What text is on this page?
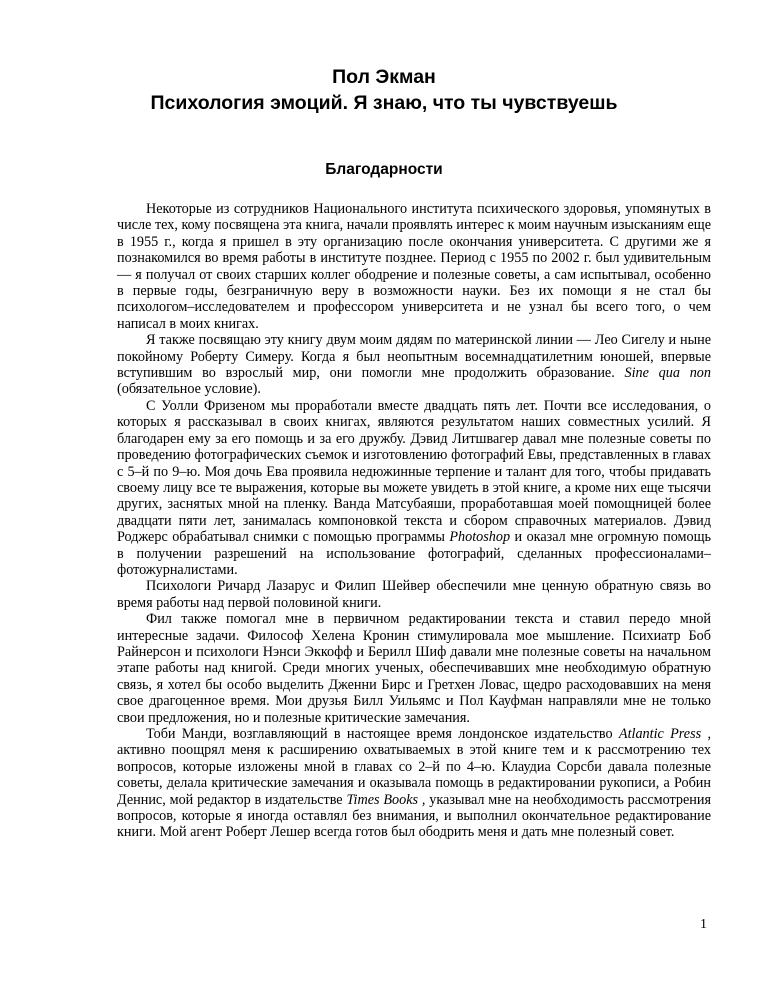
Пол Экман
Психология эмоций. Я знаю, что ты чувствуешь
Благодарности

Некоторые из сотрудников Национального института психического здоровья, упомянутых в числе тех, кому посвящена эта книга, начали проявлять интерес к моим научным изысканиям еще в 1955 г., когда я пришел в эту организацию после окончания университета. С другими же я познакомился во время работы в институте позднее. Период с 1955 по 2002 г. был удивительным — я получал от своих старших коллег ободрение и полезные советы, а сам испытывал, особенно в первые годы, безграничную веру в возможности науки. Без их помощи я не стал бы психологом–исследователем и профессором университета и не узнал бы всего того, о чем написал в моих книгах.

Я также посвящаю эту книгу двум моим дядям по материнской линии — Лео Сигелу и ныне покойному Роберту Симеру. Когда я был неопытным восемнадцатилетним юношей, впервые вступившим во взрослый мир, они помогли мне продолжить образование. Sine qua non (обязательное условие).

С Уолли Фризеном мы проработали вместе двадцать пять лет. Почти все исследования, о которых я рассказывал в своих книгах, являются результатом наших совместных усилий. Я благодарен ему за его помощь и за его дружбу. Дэвид Литшвагер давал мне полезные советы по проведению фотографических съемок и изготовлению фотографий Евы, представленных в главах с 5–й по 9–ю. Моя дочь Ева проявила недюжинные терпение и талант для того, чтобы придавать своему лицу все те выражения, которые вы можете увидеть в этой книге, а кроме них еще тысячи других, заснятых мной на пленку. Ванда Матсубаяши, проработавшая моей помощницей более двадцати пяти лет, занималась компоновкой текста и сбором справочных материалов. Дэвид Роджерс обрабатывал снимки с помощью программы Photoshop и оказал мне огромную помощь в получении разрешений на использование фотографий, сделанных профессионалами–фотожурналистами.

Психологи Ричард Лазарус и Филип Шейвер обеспечили мне ценную обратную связь во время работы над первой половиной книги.

Фил также помогал мне в первичном редактировании текста и ставил передо мной интересные задачи. Философ Хелена Кронин стимулировала мое мышление. Психиатр Боб Райнерсон и психологи Нэнси Эккофф и Берилл Шиф давали мне полезные советы на начальном этапе работы над книгой. Среди многих ученых, обеспечивавших мне необходимую обратную связь, я хотел бы особо выделить Дженни Бирс и Гретхен Ловас, щедро расходовавших на меня свое драгоценное время. Мои друзья Билл Уильямс и Пол Кауфман направляли мне не только свои предложения, но и полезные критические замечания.

Тоби Манди, возглавляющий в настоящее время лондонское издательство Atlantic Press , активно поощрял меня к расширению охватываемых в этой книге тем и к рассмотрению тех вопросов, которые изложены мной в главах со 2–й по 4–ю. Клаудиа Сорсби давала полезные советы, делала критические замечания и оказывала помощь в редактировании рукописи, а Робин Деннис, мой редактор в издательстве Times Books , указывал мне на необходимость рассмотрения вопросов, которые я иногда оставлял без внимания, и выполнил окончательное редактирование книги. Мой агент Роберт Лешер всегда готов был ободрить меня и дать мне полезный совет.

1
